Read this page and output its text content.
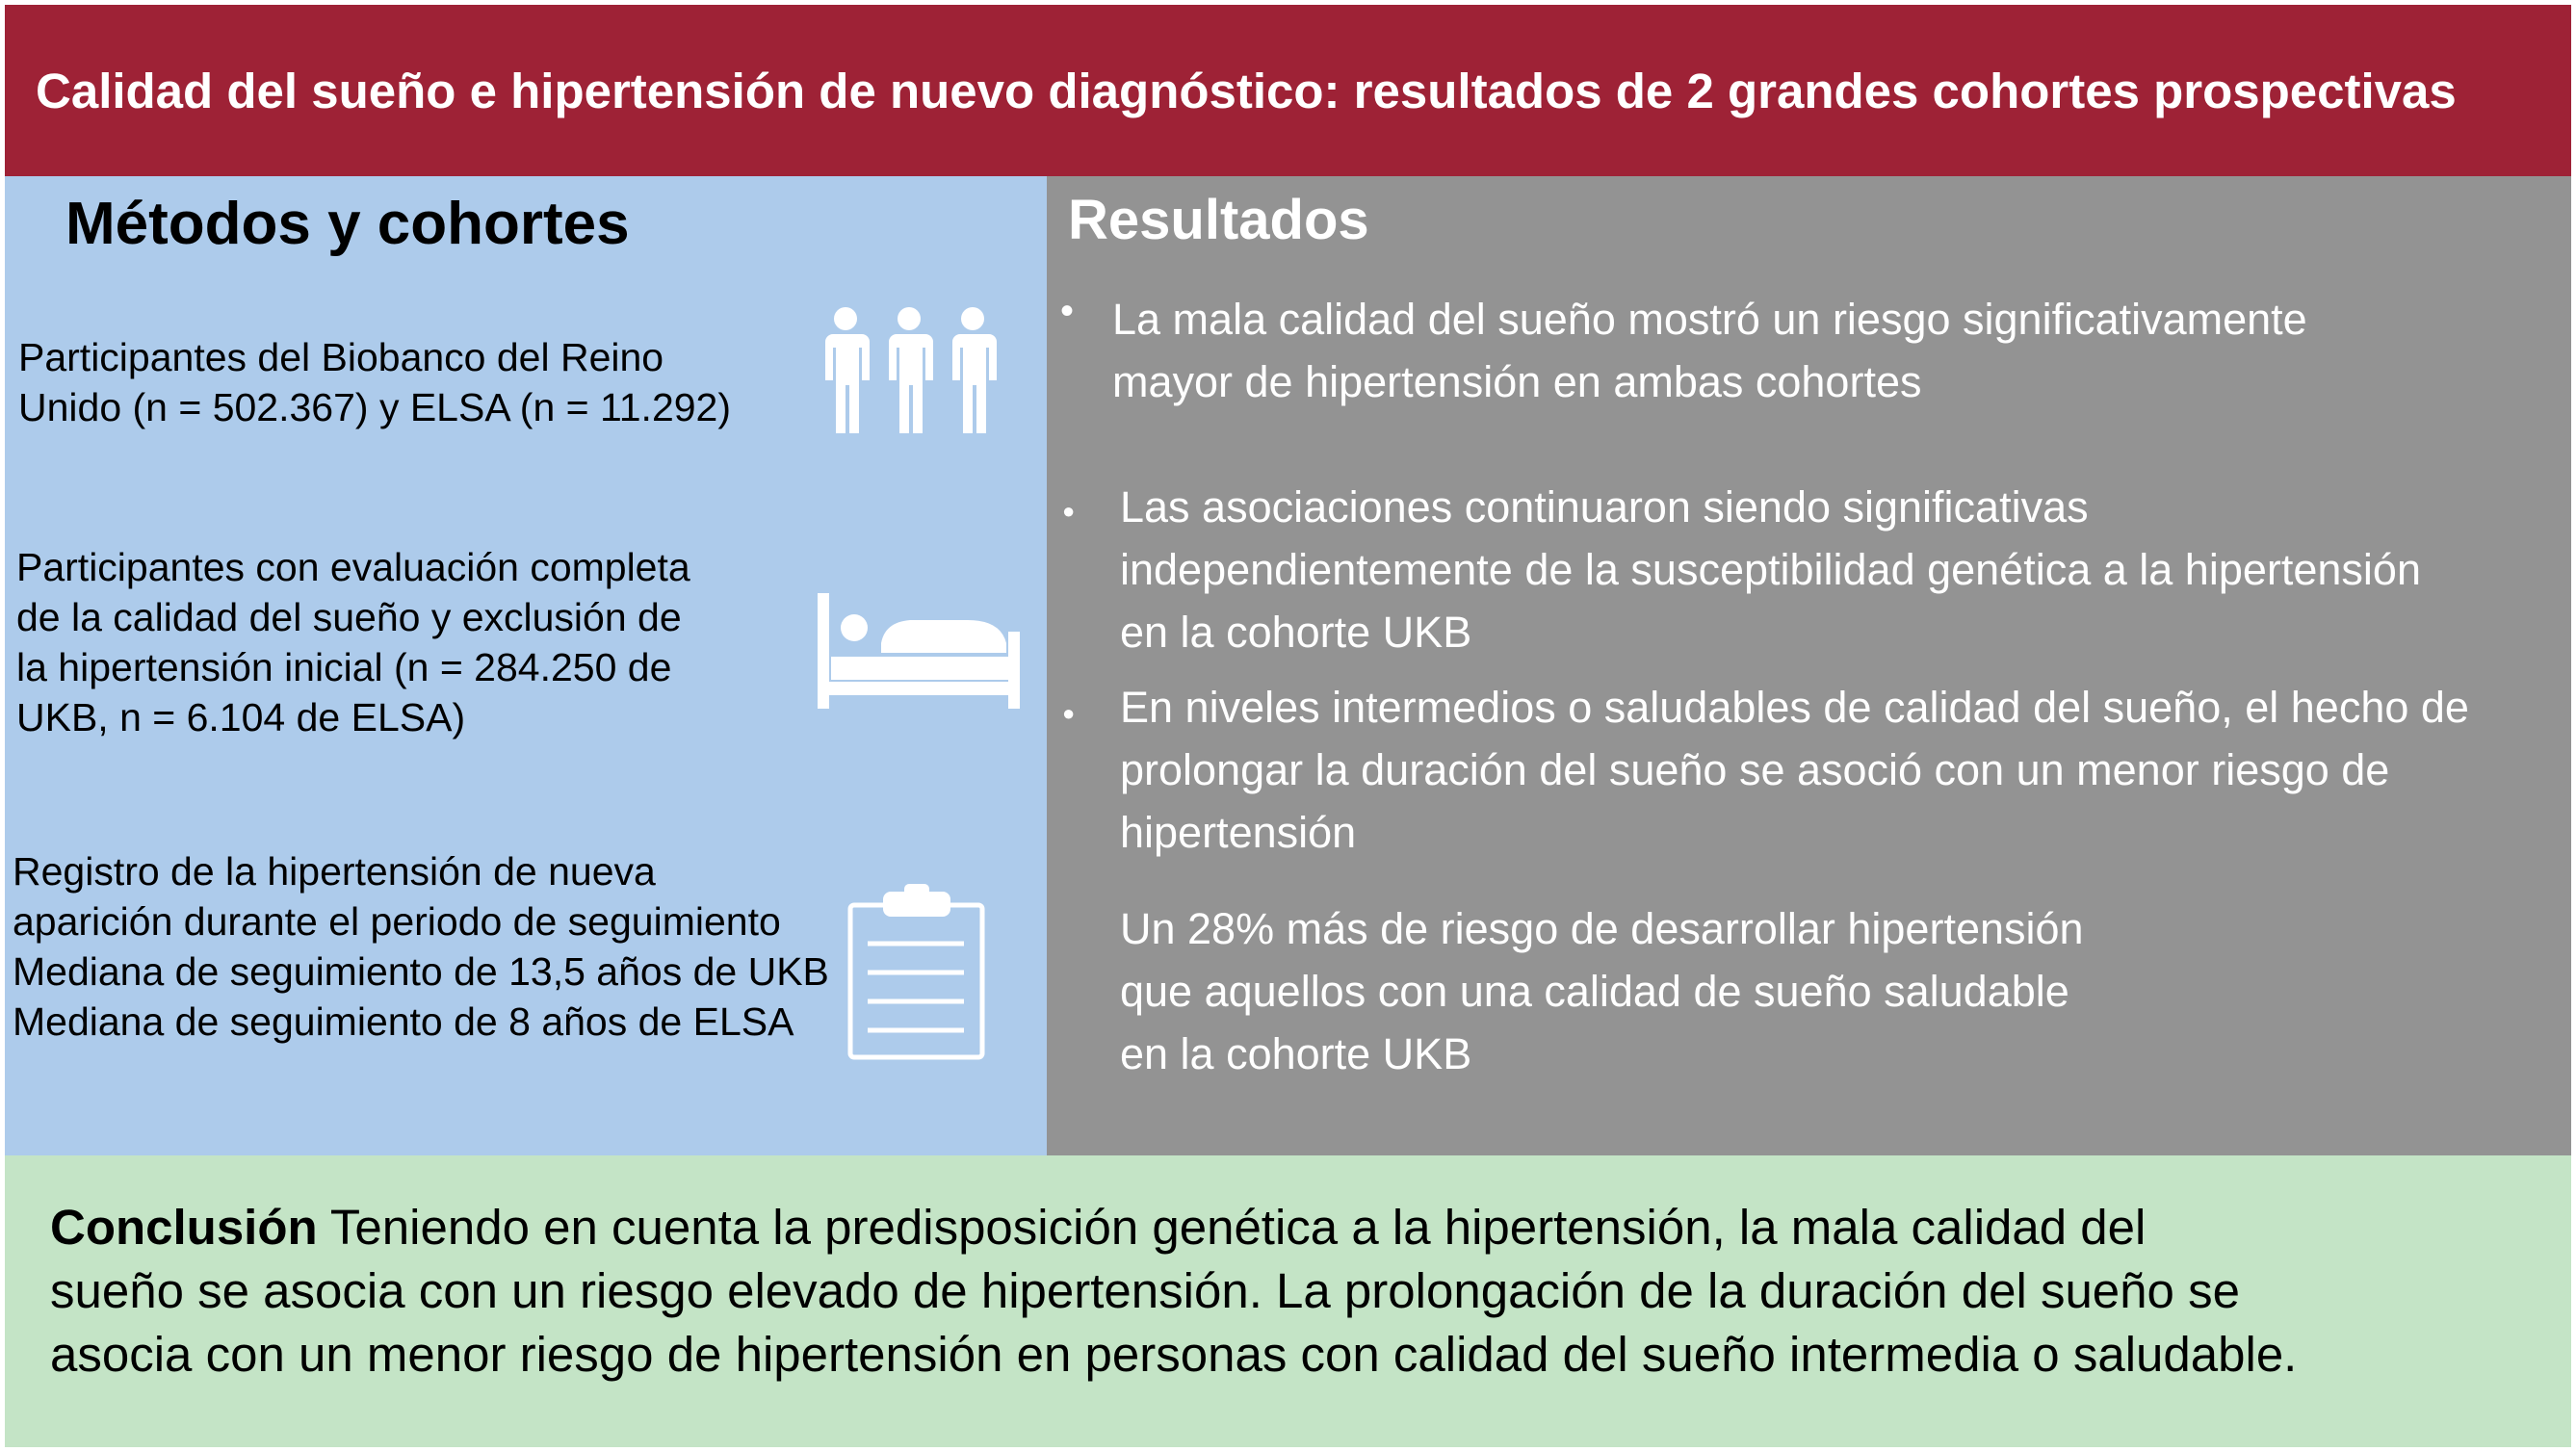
Calidad del sueño e hipertensión de nuevo diagnóstico: resultados de 2 grandes cohortes prospectivas
Métodos y cohortes
Participantes del Biobanco del Reino
Unido (n = 502.367) y ELSA (n = 11.292)
Participantes con evaluación completa
de la calidad del sueño y exclusión de
la hipertensión inicial (n = 284.250 de
UKB, n = 6.104 de ELSA)
Registro de la hipertensión de nueva
aparición durante el periodo de seguimiento
Mediana de seguimiento de 13,5 años de UKB
Mediana de seguimiento de 8 años de ELSA
Resultados
• La mala calidad del sueño mostró un riesgo significativamente
mayor de hipertensión en ambas cohortes
● Las asociaciones continuaron siendo significativas
independientemente de la susceptibilidad genética a la hipertensión
en la cohorte UKB
● En niveles intermedios o saludables de calidad del sueño, el hecho de
prolongar la duración del sueño se asoció con un menor riesgo de
hipertensión
Un 28% más de riesgo de desarrollar hipertensión
que aquellos con una calidad de sueño saludable
en la cohorte UKB
Conclusión Teniendo en cuenta la predisposición genética a la hipertensión, la mala calidad del
sueño se asocia con un riesgo elevado de hipertensión. La prolongación de la duración del sueño se
asocia con un menor riesgo de hipertensión en personas con calidad del sueño intermedia o saludable.
